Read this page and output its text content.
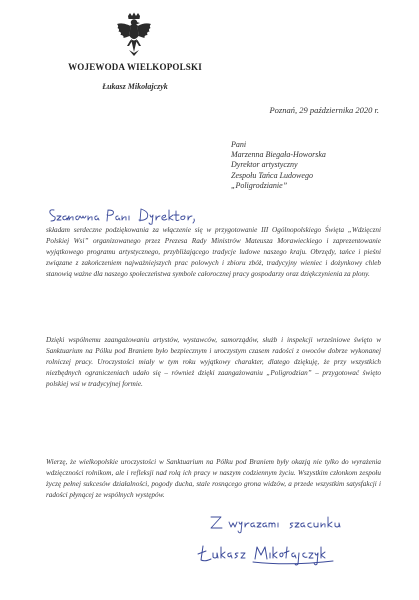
WOJEWODA WIELKOPOLSKI
Łukasz Mikołajczyk
Poznań, 29 października 2020 r.
Pani
Marzenna Biegała-Howorska
Dyrektor artystyczny
Zespołu Tańca Ludowego
„Poligrodzianie”

składam serdeczne podziękowania za włączenie się w przygotowanie III Ogólnopolskiego Święta „Wdzięczni Polskiej Wsi” organizowanego przez Prezesa Rady Ministrów Mateusza Morawieckiego i zaprezentowanie wyjątkowego programu artystycznego, przybliżającego tradycje ludowe naszego kraju. Obrzędy, tańce i pieśni związane z zakończeniem najważniejszych prac polowych i zbioru zbóż, tradycyjny wieniec i dożynkowy chleb stanowią ważne dla naszego społeczeństwa symbole całorocznej pracy gospodarzy oraz dziękczynienia za plony.

Dzięki wspólnemu zaangażowaniu artystów, wystawców, samorządów, służb i inspekcji wrześniowe święto w Sanktuarium na Pólku pod Braniem było bezpiecznym i uroczystym czasem radości z owoców dobrze wykonanej rolniczej pracy. Uroczystości miały w tym roku wyjątkowy charakter, dlatego dziękuję, że przy wszystkich niezbędnych ograniczeniach udało się – również dzięki zaangażowaniu „Poligrodzian” – przygotować święto polskiej wsi w tradycyjnej formie.

Wierzę, że wielkopolskie uroczystości w Sanktuarium na Pólku pod Braniem były okazją nie tylko do wyrażenia wdzięczności rolnikom, ale i refleksji nad rolą ich pracy w naszym codziennym życiu. Wszystkim członkom zespołu życzę pełnej sukcesów działalności, pogody ducha, stale rosnącego grona widzów, a przede wszystkim satysfakcji i radości płynącej ze wspólnych występów.
